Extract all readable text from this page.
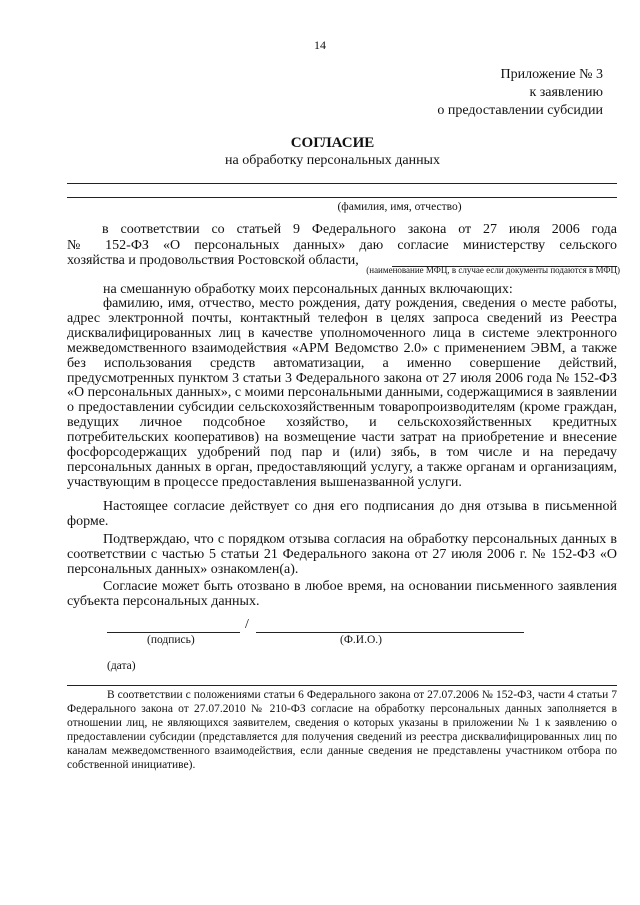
14
Приложение № 3
к заявлению
о предоставлении субсидии
СОГЛАСИЕ
на обработку персональных данных
(фамилия, имя, отчество)
в соответствии со статьей 9 Федерального закона от 27 июля 2006 года
№ 152-ФЗ «О персональных данных» даю согласие министерству сельского
хозяйства и продовольствия Ростовской области,
(наименование МФЦ, в случае если документы подаются в МФЦ)
на смешанную обработку моих персональных данных включающих:
фамилию, имя, отчество, место рождения, дату рождения, сведения о месте работы, адрес электронной почты, контактный телефон в целях запроса сведений из Реестра дисквалифицированных лиц в качестве уполномоченного лица в системе электронного межведомственного взаимодействия «АРМ Ведомство 2.0» с применением ЭВМ, а также без использования средств автоматизации, а именно совершение действий, предусмотренных пунктом 3 статьи 3 Федерального закона от 27 июля 2006 года № 152-ФЗ «О персональных данных», с моими персональными данными, содержащимися в заявлении о предоставлении субсидии сельскохозяйственным товаропроизводителям (кроме граждан, ведущих личное подсобное хозяйство, и сельскохозяйственных кредитных потребительских кооперативов) на возмещение части затрат на приобретение и внесение фосфорсодержащих удобрений под пар и (или) зябь, в том числе и на передачу персональных данных в орган, предоставляющий услугу, а также органам и организациям, участвующим в процессе предоставления вышеназванной услуги.
Настоящее согласие действует со дня его подписания до дня отзыва в письменной форме.
Подтверждаю, что с порядком отзыва согласия на обработку персональных данных в соответствии с частью 5 статьи 21 Федерального закона от 27 июля 2006 г. № 152-ФЗ «О персональных данных» ознакомлен(а).
Согласие может быть отозвано в любое время, на основании письменного заявления субъекта персональных данных.
/
(подпись)	(Ф.И.О.)
(дата)
В соответствии с положениями статьи 6 Федерального закона от 27.07.2006 № 152-ФЗ, части 4 статьи 7 Федерального закона от 27.07.2010 № 210-ФЗ согласие на обработку персональных данных заполняется в отношении лиц, не являющихся заявителем, сведения о которых указаны в приложении № 1 к заявлению о предоставлении субсидии (представляется для получения сведений из реестра дисквалифицированных лиц по каналам межведомственного взаимодействия, если данные сведения не представлены участником отбора по собственной инициативе).
